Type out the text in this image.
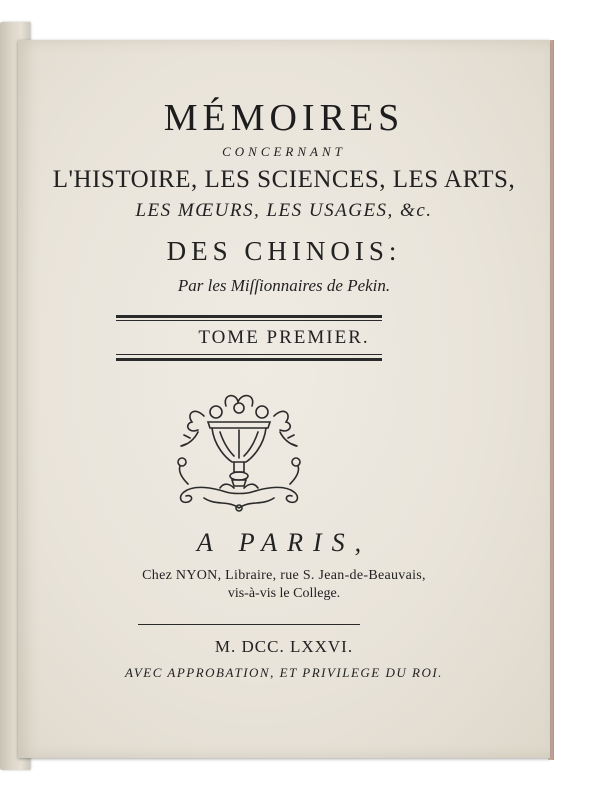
MÉMOIRES
CONCERNANT
L'HISTOIRE, LES SCIENCES, LES ARTS,
LES MŒURS, LES USAGES, &c.
DES CHINOIS:
Par les Miſſionnaires de Pekin.
TOME PREMIER.
A PARIS,
Chez NYON, Libraire, rue S. Jean-de-Beauvais,
vis-à-vis le College.
M. DCC. LXXVI.
AVEC APPROBATION, ET PRIVILEGE DU ROI.
